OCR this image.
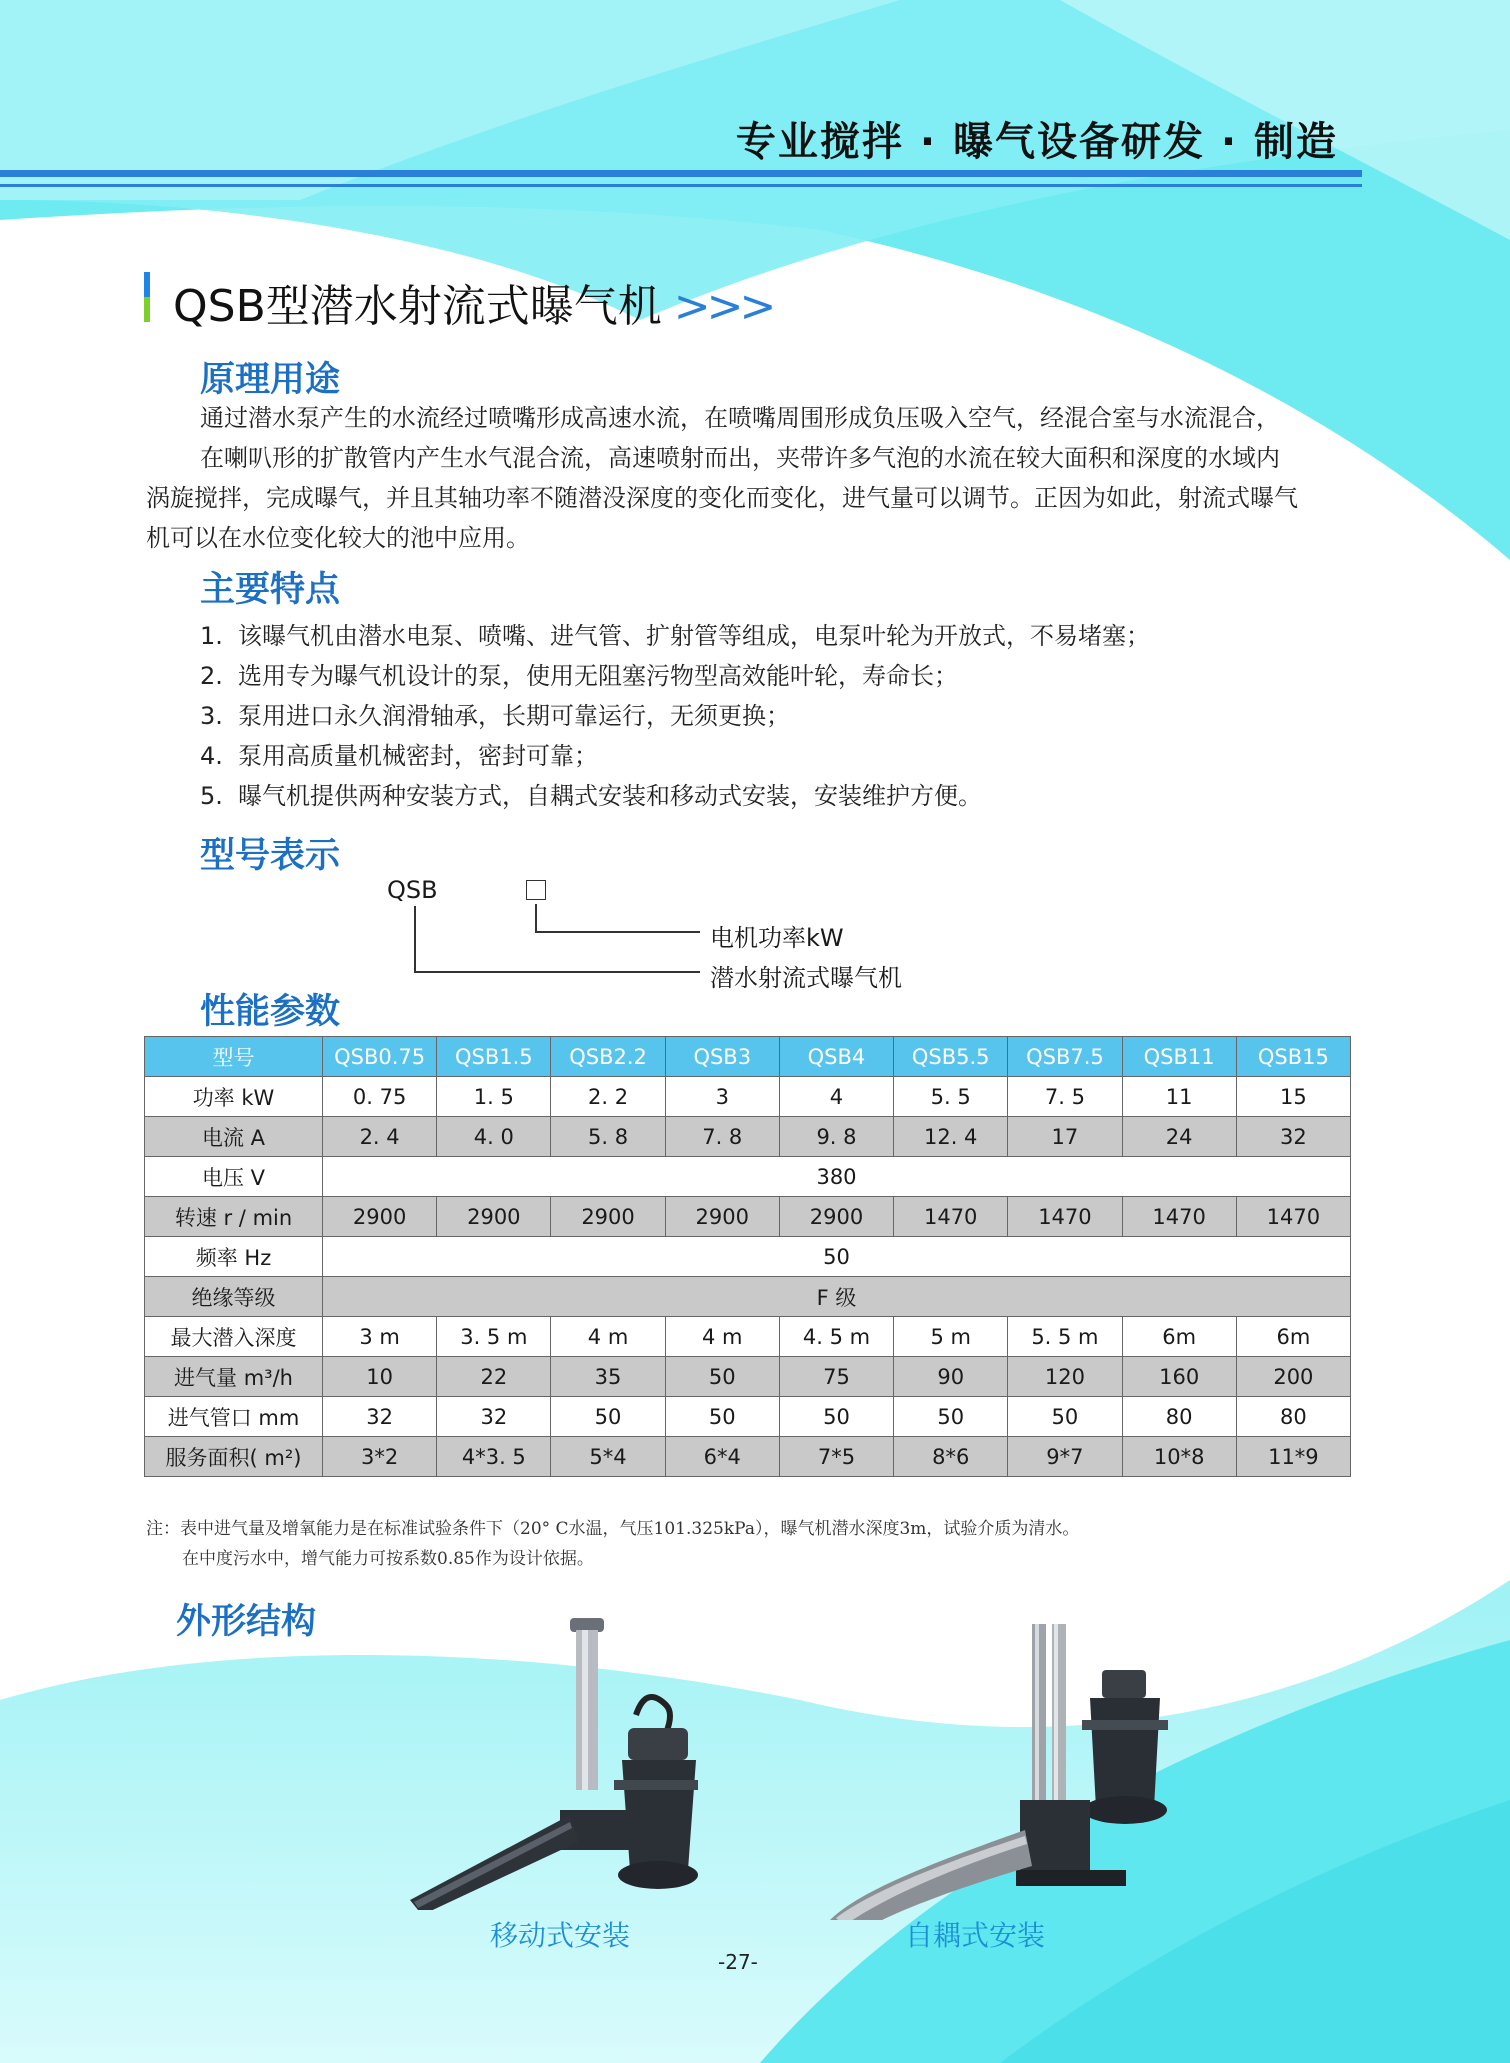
专业搅拌 · 曝气设备研发 · 制造
QSB型潜水射流式曝气机 >>>
原理用途

通过潜水泵产生的水流经过喷嘴形成高速水流，在喷嘴周围形成负压吸入空气，经混合室与水流混合，

在喇叭形的扩散管内产生水气混合流，高速喷射而出，夹带许多气泡的水流在较大面积和深度的水域内

涡旋搅拌，完成曝气，并且其轴功率不随潜没深度的变化而变化，进气量可以调节。正因为如此，射流式曝气

机可以在水位变化较大的池中应用。

主要特点
1. 该曝气机由潜水电泵、喷嘴、进气管、扩射管等组成，电泵叶轮为开放式，不易堵塞；
2. 选用专为曝气机设计的泵，使用无阻塞污物型高效能叶轮，寿命长；
3. 泵用进口永久润滑轴承，长期可靠运行，无须更换；
4. 泵用高质量机械密封，密封可靠；
5. 曝气机提供两种安装方式，自耦式安装和移动式安装，安装维护方便。
型号表示
QSB
电机功率kW
潜水射流式曝气机
性能参数
型号	QSB0.75	QSB1.5	QSB2.2	QSB3	QSB4	QSB5.5	QSB7.5	QSB11	QSB15
功率 kW	0. 75	1. 5	2. 2	3	4	5. 5	7. 5	11	15
电流 A	2. 4	4. 0	5. 8	7. 8	9. 8	12. 4	17	24	32
电压 V	380								
转速 r / min	2900	2900	2900	2900	2900	1470	1470	1470	1470
频率 Hz	50								
绝缘等级	F 级								
最大潜入深度	3 m	3. 5 m	4 m	4 m	4. 5 m	5 m	5. 5 m	6m	6m
进气量 m³/h	10	22	35	50	75	90	120	160	200
进气管口 mm	32	32	50	50	50	50	50	80	80
服务面积( m²)	3*2	4*3. 5	5*4	6*4	7*5	8*6	9*7	10*8	11*9
注：表中进气量及增氧能力是在标准试验条件下（20° C水温，气压101.325kPa），曝气机潜水深度3m，试验介质为清水。
在中度污水中，增气能力可按系数0.85作为设计依据。
外形结构
移动式安装	自耦式安装
-27-
